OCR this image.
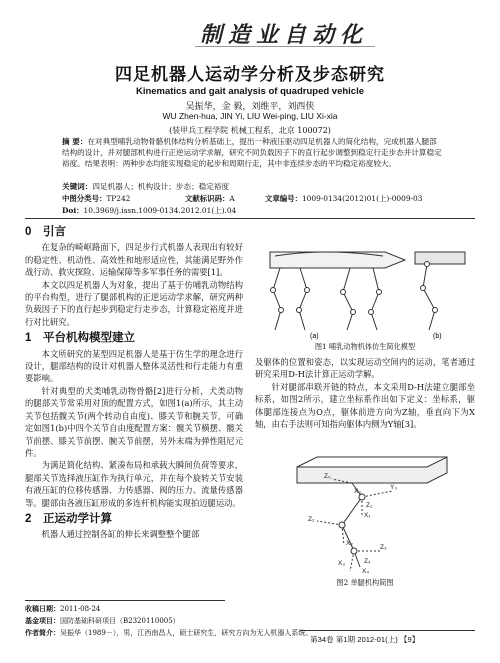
制造业自动化
四足机器人运动学分析及步态研究
Kinematics and gait analysis of quadruped vehicle
吴振华，金 毅，刘维平，刘西侠
WU Zhen-hua, JIN Yi, LIU Wei-ping, LIU Xi-xia
(装甲兵工程学院 机械工程系，北京 100072)
摘 要：在对典型哺乳动物骨骼机体结构分析基础上，提出一种液压驱动四足机器人的简化结构，完成机器人腿部结构的设计，并对腿部机构进行正逆运动学求解，研究不同负载因子下的直行起步调整到稳定行走步态并计算稳定裕度。结果表明：两种步态均能实现稳定的起步和周期行走，其中非连续步态的平均稳定裕度较大。
关键词：四足机器人；机构设计；步态；稳定裕度
中图分类号：TP242	文献标识码：A	文章编号：1009-0134(2012)01(上)-0009-03
Doi：10.3969/j.issn.1009-0134.2012.01(上).04
0 引言

在复杂的崎岖路面下，四足步行式机器人表现出有较好的稳定性、机动性、高效性和地形适应性，其能满足野外作战行动、救灾探险、运输保障等多军事任务的需要[1]。

本文以四足机器人为对象，提出了基于仿哺乳动物结构的平台构型，进行了腿部机构的正逆运动学求解，研究两种负载因子下的直行起步到稳定行走步态，计算稳定裕度并进行对比研究。

1 平台机构模型建立

本文所研究的某型四足机器人是基于仿生学的理念进行设计，腿部结构的设计对机器人整体灵活性和行走能力有重要影响。

针对典型的犬类哺乳动物骨骼[2]进行分析，犬类动物的腿部关节常采用对顶的配置方式，如图1(a)所示，其主动关节包括髋关节(两个转动自由度)、膝关节和腕关节，可确定如图1(b)中四个关节自由度配置方案：髋关节横摆、髋关节前摆、膝关节前摆、腕关节前摆，另外末端为弹性阻尼元件。

为满足简化结构、紧凑布局和承载大瞬间负荷等要求，腿部关节选择液压缸作为执行单元，并在每个旋转关节安装有液压缸的位移传感器、力传感器、阀的压力、流量传感器等。腿部由各液压缸形成的多连杆机构能实现拍迈腿运动。

2 正运动学计算

机器人通过控制各缸的伸长来调整整个腿部

(a)	(b)
图1 哺乳动物机体仿生简化模型

及躯体的位置和姿态，以实现运动空间内的运动，笔者通过研究采用D-H法计算正运动学解。

针对腿部串联开链的特点，本文采用D-H法建立腿部坐标系，如图2所示，建立坐标系作出如下定义：坐标系，躯体腿部连接点为O点，躯体前进方向为Z轴，垂直向下为X轴，由右手法则可知指向躯体内侧为Y轴[3]。

Z₀
X₀
Y₀
Z₁
X₁
Z₂
X₂
Z₃
X₃	Z₄
X₄
图2 单腿机构简图
收稿日期：2011-08-24
基金项目：国防基础科研项目（B2320110005）
作者简介：吴振华（1989－），男，江西南昌人，硕士研究生，研究方向为无人机器人系统。
第34卷 第1期 2012-01(上) 【9】
